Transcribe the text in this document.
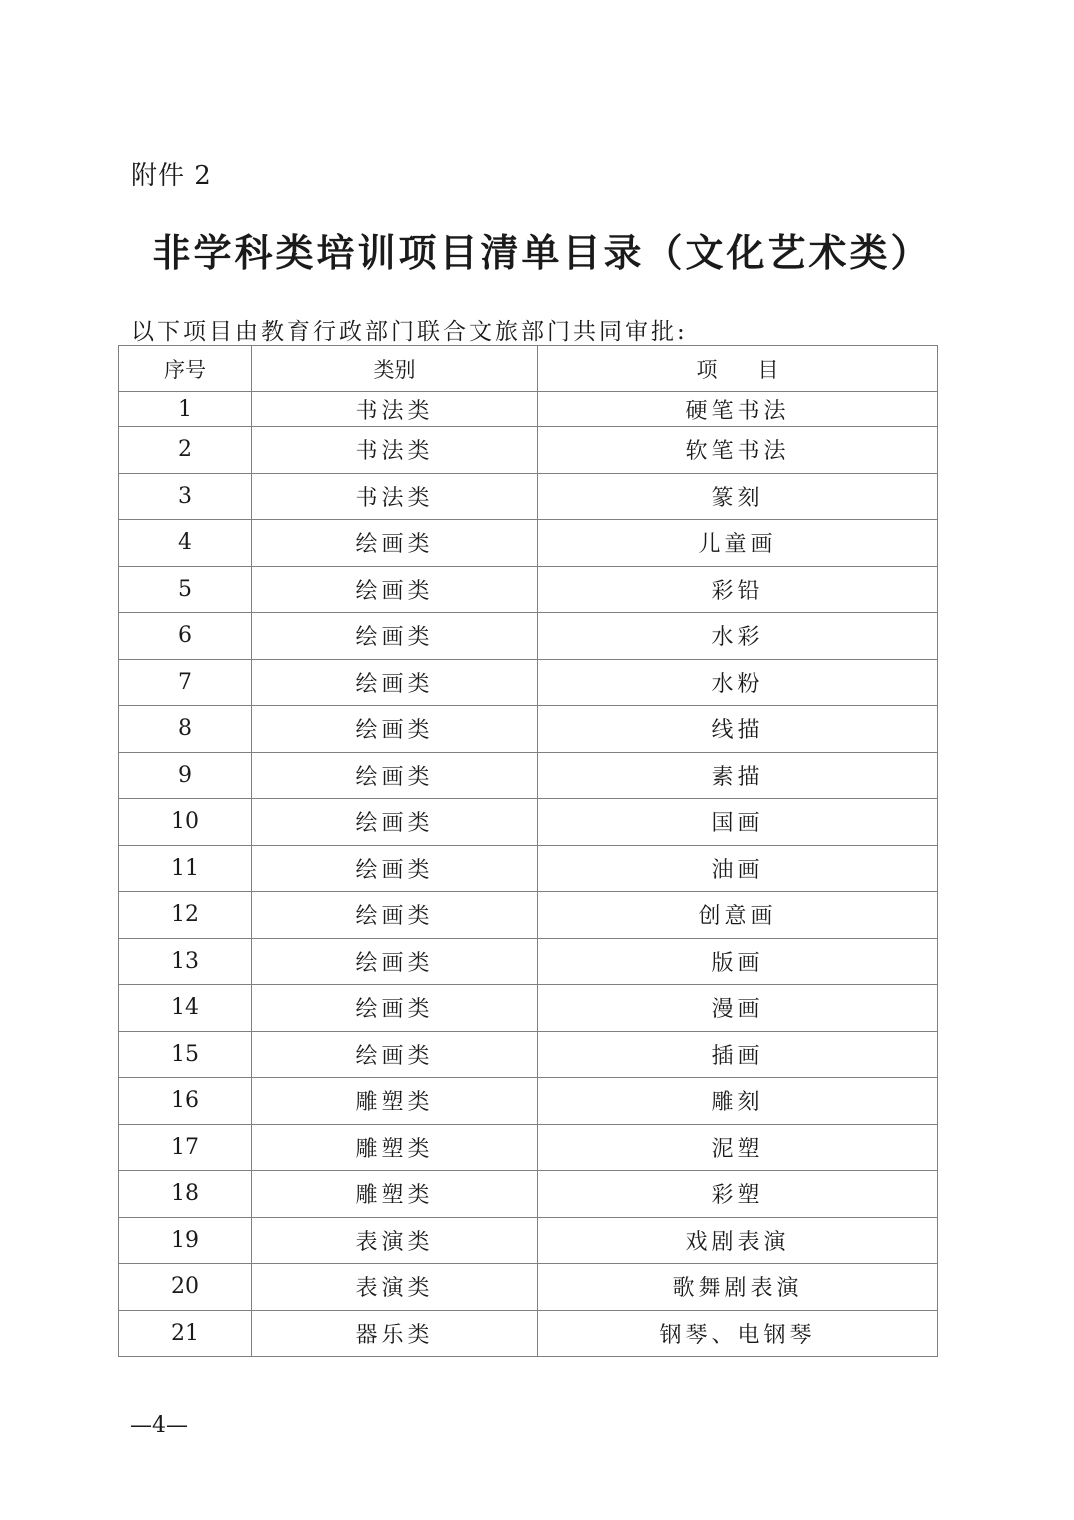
附件 2
非学科类培训项目清单目录（文化艺术类）
以下项目由教育行政部门联合文旅部门共同审批:
序号	类别	项 目
1	书法类	硬笔书法
2	书法类	软笔书法
3	书法类	篆刻
4	绘画类	儿童画
5	绘画类	彩铅
6	绘画类	水彩
7	绘画类	水粉
8	绘画类	线描
9	绘画类	素描
10	绘画类	国画
11	绘画类	油画
12	绘画类	创意画
13	绘画类	版画
14	绘画类	漫画
15	绘画类	插画
16	雕塑类	雕刻
17	雕塑类	泥塑
18	雕塑类	彩塑
19	表演类	戏剧表演
20	表演类	歌舞剧表演
21	器乐类	钢琴、电钢琴
—4—
